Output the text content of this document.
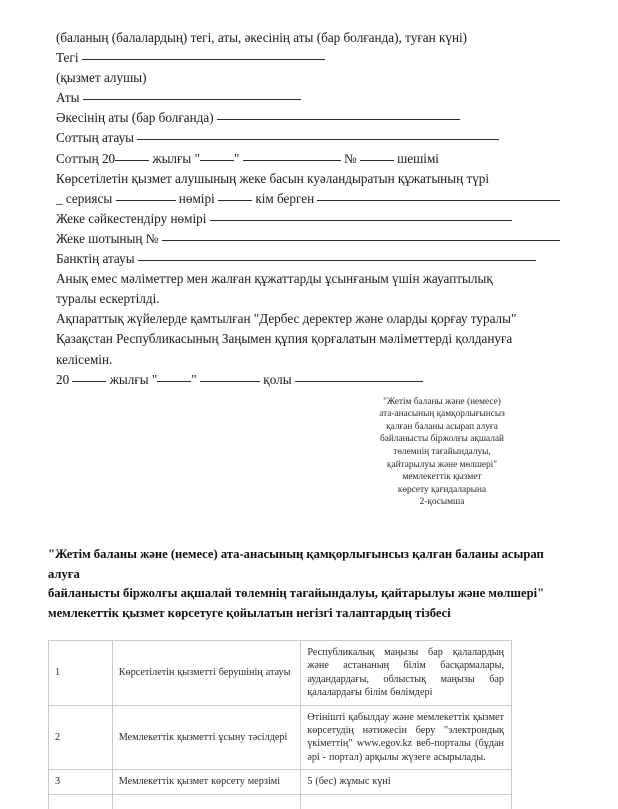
(баланың (балалардың) тегі, аты, әкесінің аты (бар болғанда), туған күні)
Тегі
(қызмет алушы)
Аты
Әкесінің аты (бар болғанда)
Соттың атауы
Соттың 20	жылғы "	"	№	шешімі
Көрсетілетін қызмет алушының жеке басын куәландыратын құжатының түрі
_ сериясы	нөмірі	кім берген
Жеке сәйкестендіру нөмірі
Жеке шотының №
Банктің атауы
Анық емес мәліметтер мен жалған құжаттарды ұсынғаным үшін жауаптылық
туралы ескертілді.
Ақпараттық жүйелерде қамтылған "Дербес деректер және оларды қорғау туралы"
Қазақстан Республикасының Заңымен құпия қорғалатын мәліметтерді қолдануға
келісемін.
20	жылғы "	"	қолы
"Жетім баланы және (немесе)
ата-анасының қамқорлығынсыз
қалған баланы асырап алуға
байланысты біржолғы ақшалай
төлемнің тағайындалуы,
қайтарылуы және мөлшері"
мемлекеттік қызмет
көрсету қағидаларына
2-қосымша
"Жетім баланы және (немесе) ата-анасының қамқорлығынсыз қалған баланы асырап алуға
байланысты біржолғы ақшалай төлемнің тағайындалуы, қайтарылуы және мөлшері"
мемлекеттік қызмет көрсетуге қойылатын негізгі талаптардың тізбесі
1	Көрсетілетін қызметті берушінің атауы	Республикалық маңызы бар қалалардың және астананың білім басқармалары, аудандардағы, облыстық маңызы бар қалалардағы білім бөлімдері
2	Мемлекеттік қызметті ұсыну тәсілдері	Өтінішті қабылдау және мемлекеттік қызмет көрсетудің нәтижесін беру "электрондық үкіметтің" www.egov.kz веб-порталы (бұдан әрі - портал) арқылы жүзеге асырылады.
3	Мемлекеттік қызмет көрсету мерзімі	5 (бес) жұмыс күні
